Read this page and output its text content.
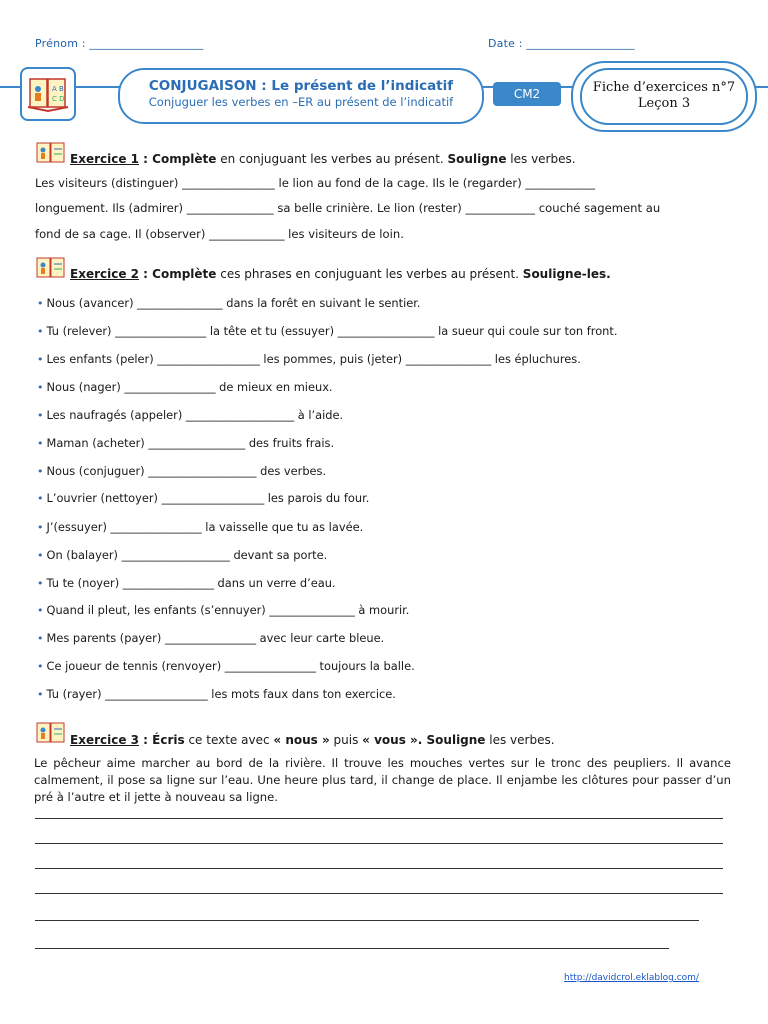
Prénom : ____________________	Date : ___________________
A B
C D
CONJUGAISON : Le présent de l’indicatif
Conjuguer les verbes en –ER au présent de l’indicatif
CM2	Fiche d’exercices n°7
Leçon 3
Exercice 1 : Complète en conjuguant les verbes au présent. Souligne les verbes.
Les visiteurs (distinguer) ________________ le lion au fond de la cage. Ils le (regarder) ____________
longuement. Ils (admirer) _______________ sa belle crinière. Le lion (rester) ____________ couché sagement au
fond de sa cage. Il (observer) _____________ les visiteurs de loin.
Exercice 2 : Complète ces phrases en conjuguant les verbes au présent. Souligne-les.
• Nous (avancer) _______________ dans la forêt en suivant le sentier.
• Tu (relever) ________________ la tête et tu (essuyer) _________________ la sueur qui coule sur ton front.
• Les enfants (peler) __________________ les pommes, puis (jeter) _______________ les épluchures.
• Nous (nager) ________________ de mieux en mieux.
• Les naufragés (appeler) ___________________ à l’aide.
• Maman (acheter) _________________ des fruits frais.
• Nous (conjuguer) ___________________ des verbes.
• L’ouvrier (nettoyer) __________________ les parois du four.
• J’(essuyer) ________________ la vaisselle que tu as lavée.
• On (balayer) ___________________ devant sa porte.
• Tu te (noyer) ________________ dans un verre d’eau.
• Quand il pleut, les enfants (s’ennuyer) _______________ à mourir.
• Mes parents (payer) ________________ avec leur carte bleue.
• Ce joueur de tennis (renvoyer) ________________ toujours la balle.
• Tu (rayer) __________________ les mots faux dans ton exercice.
Exercice 3 : Écris ce texte avec « nous » puis « vous ». Souligne les verbes.
Le pêcheur aime marcher au bord de la rivière. Il trouve les mouches vertes sur le tronc des peupliers. Il avance calmement, il pose sa ligne sur l’eau. Une heure plus tard, il change de place. Il enjambe les clôtures pour passer d’un pré à l’autre et il jette à nouveau sa ligne.
http://davidcrol.eklablog.com/
